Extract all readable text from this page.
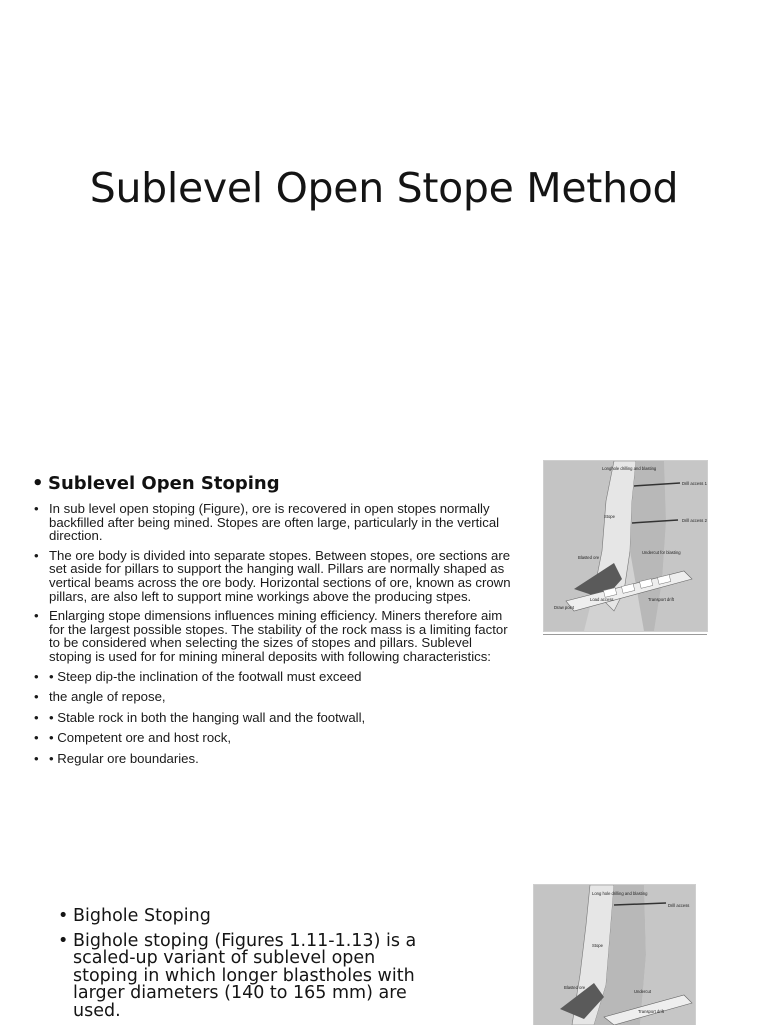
Sublevel Open Stope Method
• Sublevel Open Stoping
• In sub level open stoping (Figure), ore is recovered in open stopes normally backfilled after being mined. Stopes are often large, particularly in the vertical direction.
• The ore body is divided into separate stopes. Between stopes, ore sections are set aside for pillars to support the hanging wall. Pillars are normally shaped as vertical beams across the ore body. Horizontal sections of ore, known as crown pillars, are also left to support mine workings above the producing stpes.
• Enlarging stope dimensions influences mining efficiency. Miners therefore aim for the largest possible stopes. The stability of the rock mass is a limiting factor to be considered when selecting the sizes of stopes and pillars. Sublevel stoping is used for for mining mineral deposits with following characteristics:
• • Steep dip-the inclination of the footwall must exceed
• the angle of repose,
• • Stable rock in both the hanging wall and the footwall,
• • Competent ore and host rock,
• • Regular ore boundaries.
Longhole drilling and blasting
Drill access 1
Stope
Drill access 2
Blasted ore
Undercut for blasting
Load access
Draw point
Transport drift
• Bighole Stoping
• Bighole stoping (Figures 1.11-1.13) is a scaled-up variant of sublevel open stoping in which longer blastholes with larger diameters (140 to 165 mm) are used.
Long hole drilling and blasting
Drill access
Stope
Blasted ore
Undercut
Transport drift
